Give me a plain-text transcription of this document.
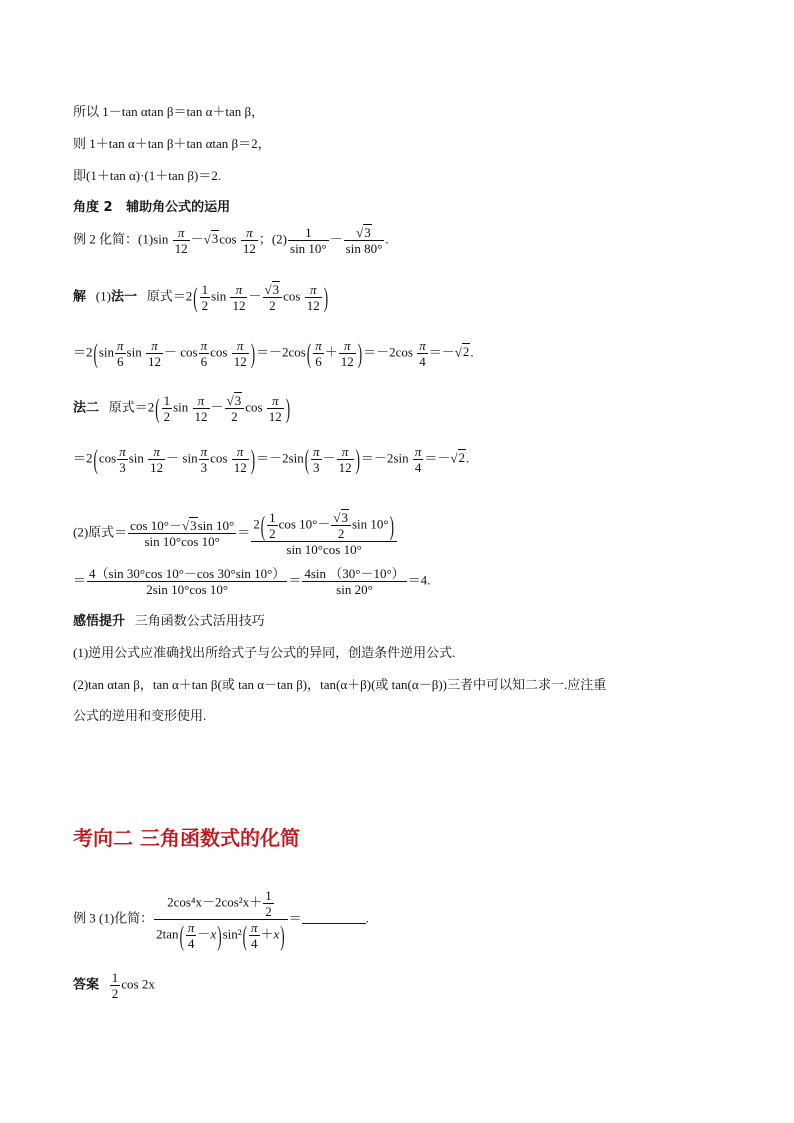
所以 1－tan αtan β＝tan α＋tan β，
则 1＋tan α＋tan β＋tan αtan β＝2，
即(1＋tan α)·(1＋tan β)＝2.
角度 2 辅助角公式的运用
例 2 化简：$(1)\sin \frac{\pi}{12} -√3\cos \frac{\pi}{12}$ ；$(2) \frac{1}{\sin 10^\circ} - \frac{√3}{\sin 80^\circ}$ .
解 (1)法一 原式$=2( \frac{1}{2}$ $\sin \frac{\pi}{12} - \frac{√3}{2}$ $\cos \frac{\pi}{12}$ )
$=2(\sin \frac{\pi}{6}$ $\sin \frac{\pi}{12} - \cos \frac{\pi}{6}$ $\cos \frac{\pi}{12} )=-2\cos( \frac{\pi}{6} + \frac{\pi}{12} )=-2\cos \frac{\pi}{4} =-√2$.
法二 原式$=2( \frac{1}{2}$ $\sin \frac{\pi}{12} - \frac{√3}{2}$ $\cos \frac{\pi}{12}$ )
$=2(\cos \frac{\pi}{3}$ $\sin \frac{\pi}{12} - \sin \frac{\pi}{3}$ $\cos \frac{\pi}{12} )=-2\sin( \frac{\pi}{3} - \frac{\pi}{12} )=-2\sin \frac{\pi}{4} =-√2$.
(2)原式＝ $\frac{\cos 10^\circ-√3\sin 10^\circ}{\sin 10^\circ\cos 10^\circ} = \frac{2( \frac{1}{2} \cos 10^\circ- \frac{√3}{2} \sin 10^\circ)}{\sin 10^\circ\cos 10^\circ}$
＝ $\frac{4(\sin 30^\circ\cos 10^\circ-\cos 30^\circ\sin 10^\circ)}{2\sin 10^\circ\cos 10^\circ} = \frac{4\sin (30^\circ-10^\circ)}{\sin 20^\circ} =4$.
感悟提升 三角函数公式活用技巧
(1)逆用公式应准确找出所给式子与公式的异同，创造条件逆用公式.
(2)tan αtan β，tan α＋tan β(或 tan α－tan β)，tan(α＋β)(或 tan(α－β))三者中可以知二求一.应注重
公式的逆用和变形使用.
考向二 三角函数式的化简
例 3 (1)化简： $\frac{2\cos^4x-2\cos^2x+ \frac{1}{2}}{2\tan( \frac{\pi}{4} -x)\sin^2( \frac{\pi}{4} +x)}$ ＝	.
答案 $\frac{1}{2}$ cos 2x
